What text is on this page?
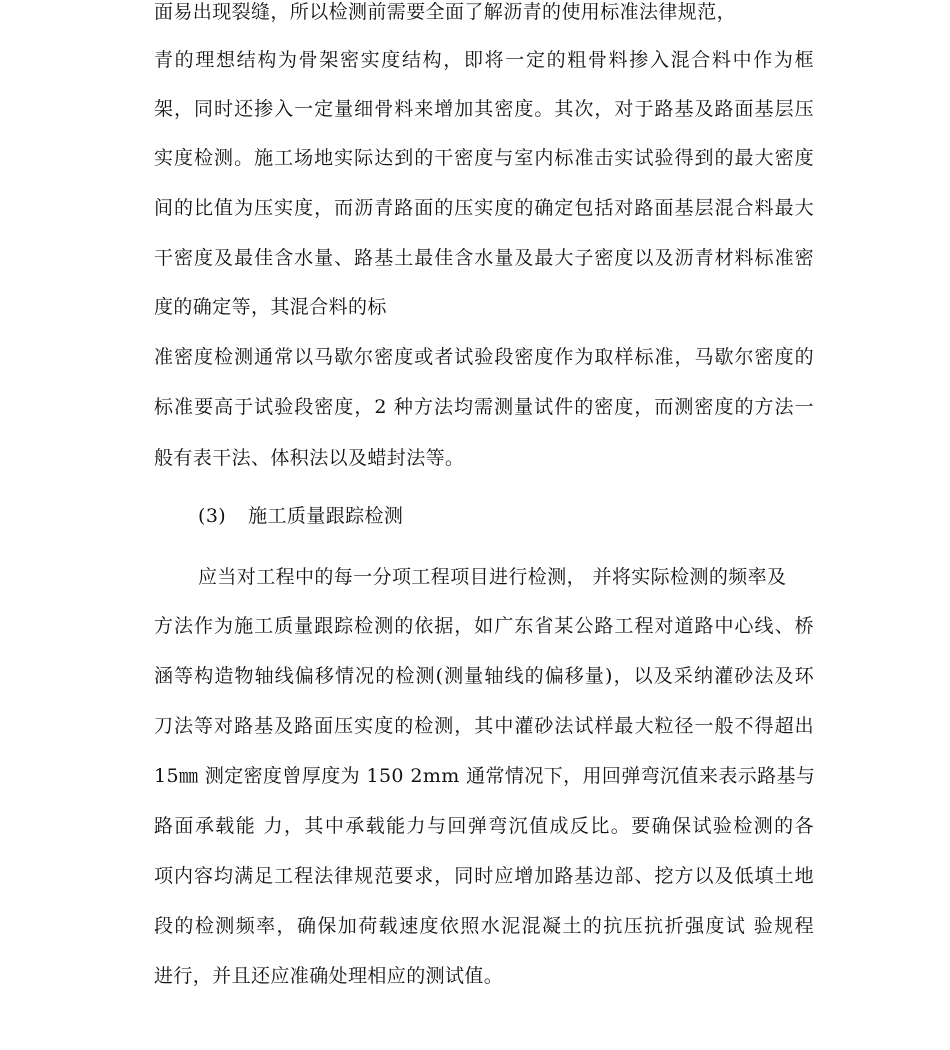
面易出现裂缝，所以检测前需要全面了解沥青的使用标准法律规范，
青的理想结构为骨架密实度结构，即将一定的粗骨料掺入混合料中作为框
架，同时还掺入一定量细骨料来增加其密度。其次，对于路基及路面基层压
实度检测。施工场地实际达到的干密度与室内标准击实试验得到的最大密度
间的比值为压实度，而沥青路面的压实度的确定包括对路面基层混合料最大
干密度及最佳含水量、路基土最佳含水量及最大子密度以及沥青材料标准密
度的确定等，其混合料的标
准密度检测通常以马歇尔密度或者试验段密度作为取样标准，马歇尔密度的
标准要高于试验段密度，2 种方法均需测量试件的密度，而测密度的方法一
般有表干法、体积法以及蜡封法等。
(3) 施工质量跟踪检测
应当对工程中的每一分项工程项目进行检测， 并将实际检测的频率及
方法作为施工质量跟踪检测的依据，如广东省某公路工程对道路中心线、桥
涵等构造物轴线偏移情况的检测(测量轴线的偏移量)，以及采纳灌砂法及环
刀法等对路基及路面压实度的检测，其中灌砂法试样最大粒径一般不得超出
15㎜ 测定密度曾厚度为 150 2mm 通常情况下，用回弹弯沉值来表示路基与
路面承载能 力，其中承载能力与回弹弯沉值成反比。要确保试验检测的各
项内容均满足工程法律规范要求，同时应增加路基边部、挖方以及低填土地
段的检测频率，确保加荷载速度依照水泥混凝土的抗压抗折强度试 验规程
进行，并且还应准确处理相应的测试值。
